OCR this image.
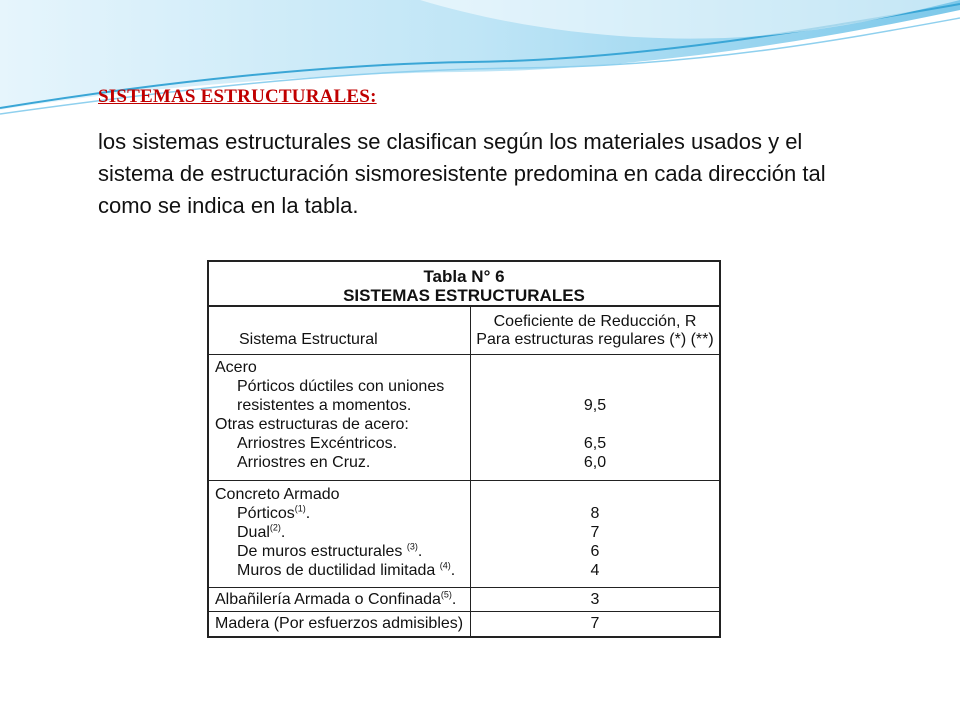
SISTEMAS ESTRUCTURALES:

los sistemas estructurales se clasifican según los materiales usados y el sistema de estructuración sismoresistente predomina en cada dirección tal como se indica en la tabla.

Tabla N° 6
SISTEMAS ESTRUCTURALES
Sistema Estructural
Coeficiente de Reducción, R
Para estructuras regulares (*) (**)
Acero
Pórticos dúctiles con uniones
resistentes a momentos.
Otras estructuras de acero:
Arriostres Excéntricos.
Arriostres en Cruz.
9,5
6,5
6,0
Concreto Armado
Pórticos$^{(1)}$.
Dual$^{(2)}$.
De muros estructurales $^{(3)}$.
Muros de ductilidad limitada $^{(4)}$.
8
7
6
4
Albañilería Armada o Confinada$^{(5)}$.	3
Madera (Por esfuerzos admisibles)	7
